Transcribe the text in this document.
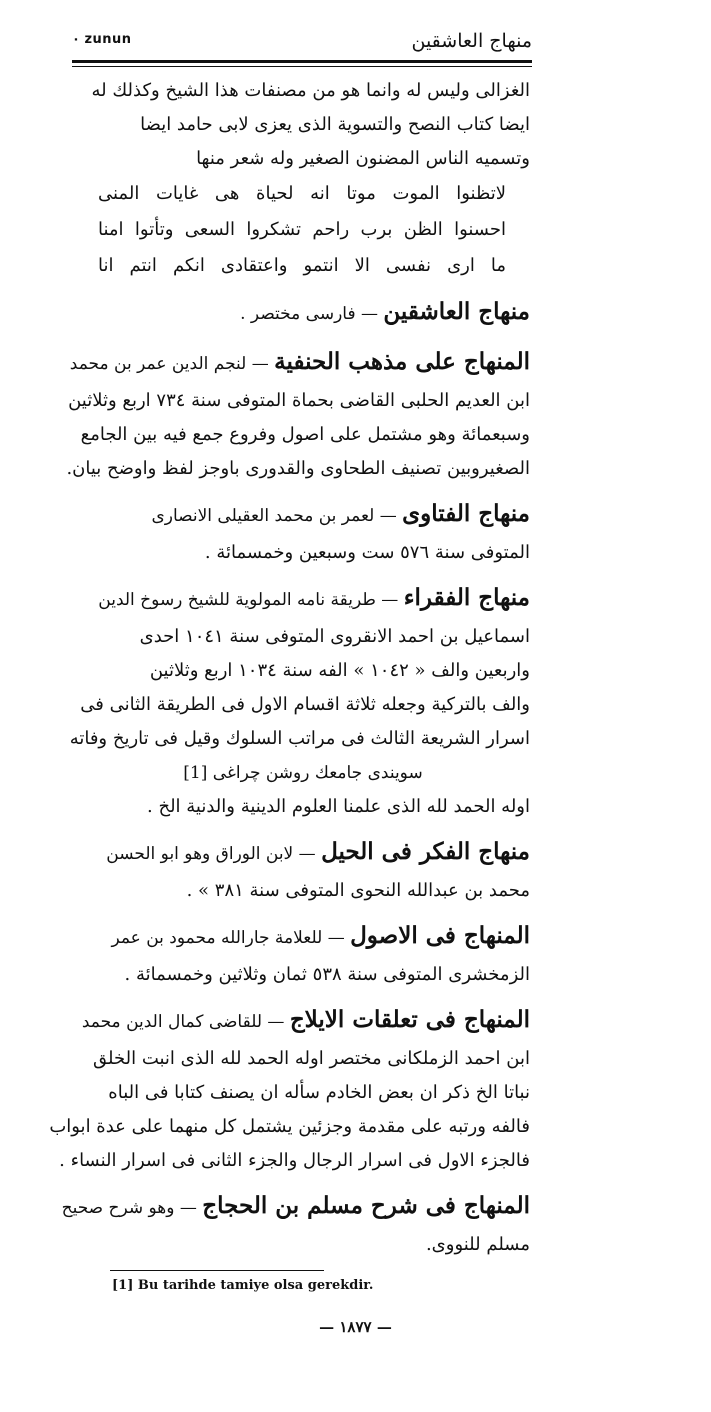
٠ zunun	منهاج العاشقين
الغزالى وليس له وانما هو من مصنفات هذا الشيخ وكذلك له
ايضا كتاب النصح والتسوية الذى يعزى لابى حامد ايضا
وتسميه الناس المضنون الصغير وله شعر منها
لاتظنوا الموت موتا انه لحياة هى غايات المنى
احسنوا الظن برب راحم تشكروا السعى وتأتوا امنا
ما ارى نفسى الا انتمو واعتقادى انكم انتم انا
منهاج العاشقين — فارسى مختصر .
المنهاج على مذهب الحنفية — لنجم الدين عمر بن محمد
ابن العديم الحلبى القاضى بحماة المتوفى سنة ٧٣٤ اربع وثلاثين
وسبعمائة وهو مشتمل على اصول وفروع جمع فيه بين الجامع
الصغيروبين تصنيف الطحاوى والقدورى باوجز لفظ واوضح بيان.
منهاج الفتاوى — لعمر بن محمد العقيلى الانصارى
المتوفى سنة ٥٧٦ ست وسبعين وخمسمائة .
منهاج الفقراء — طريقة نامه المولوية للشيخ رسوخ الدين
اسماعيل بن احمد الانقروى المتوفى سنة ١٠٤١ احدى
واربعين والف « ١٠٤٢ » الفه سنة ١٠٣٤ اربع وثلاثين
والف بالتركية وجعله ثلاثة اقسام الاول فى الطريقة الثانى فى
اسرار الشريعة الثالث فى مراتب السلوك وقيل فى تاريخ وفاته
سويندى جامعك روشن چراغى [1]
اوله الحمد لله الذى علمنا العلوم الدينية والدنية الخ .
منهاج الفكر فى الحيل — لابن الوراق وهو ابو الحسن
محمد بن عبدالله النحوى المتوفى سنة ٣٨١ » .
المنهاج فى الاصول — للعلامة جارالله محمود بن عمر
الزمخشرى المتوفى سنة ٥٣٨ ثمان وثلاثين وخمسمائة .
المنهاج فى تعلقات الايلاج — للقاضى كمال الدين محمد
ابن احمد الزملكانى مختصر اوله الحمد لله الذى انبت الخلق
نباتا الخ ذكر ان بعض الخادم سأله ان يصنف كتابا فى الباه
فالفه ورتبه على مقدمة وجزئين يشتمل كل منهما على عدة ابواب
فالجزء الاول فى اسرار الرجال والجزء الثانى فى اسرار النساء .
المنهاج فى شرح مسلم بن الحجاج — وهو شرح صحيح
مسلم للنووى.
[1] Bu tarihde tamiye olsa gerekdir.
— ١٨٧٧ —
